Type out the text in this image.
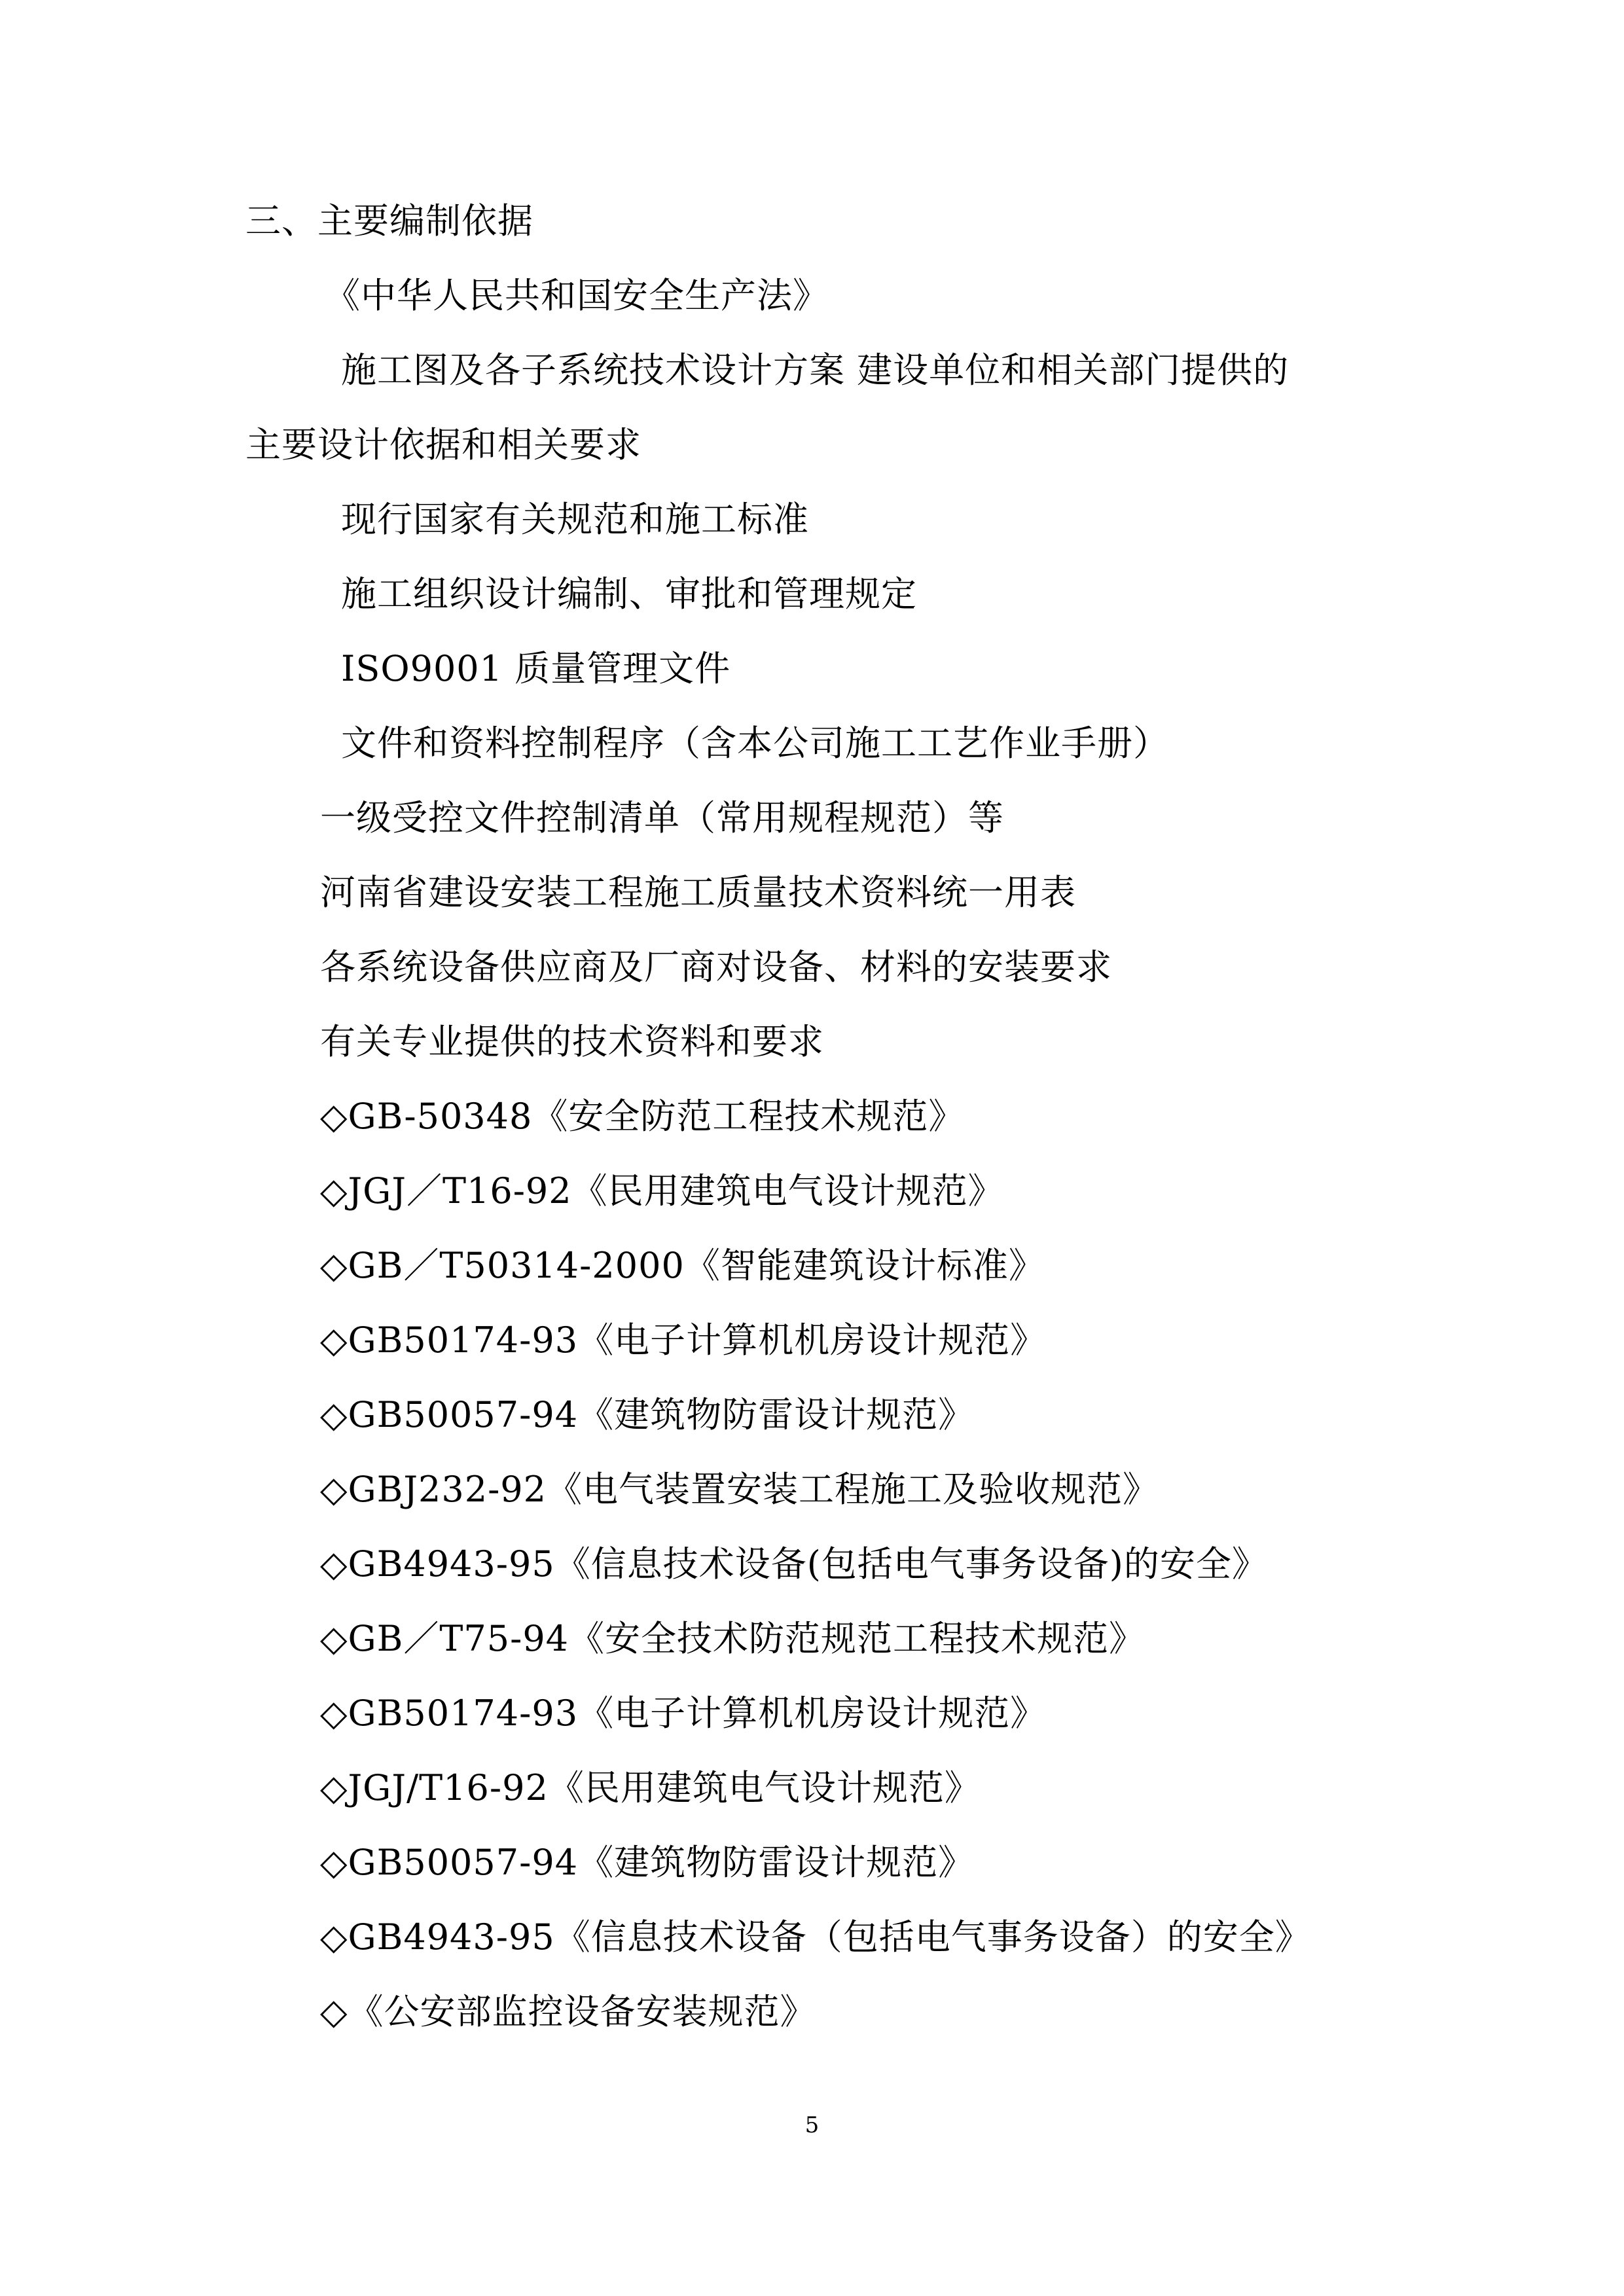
三、主要编制依据
《中华人民共和国安全生产法》
施工图及各子系统技术设计方案 建设单位和相关部门提供的
主要设计依据和相关要求
现行国家有关规范和施工标准
施工组织设计编制、审批和管理规定
ISO9001 质量管理文件
文件和资料控制程序（含本公司施工工艺作业手册）
一级受控文件控制清单（常用规程规范）等
河南省建设安装工程施工质量技术资料统一用表
各系统设备供应商及厂商对设备、材料的安装要求
有关专业提供的技术资料和要求
◇GB-50348《安全防范工程技术规范》
◇JGJ／T16-92《民用建筑电气设计规范》
◇GB／T50314-2000《智能建筑设计标准》
◇GB50174-93《电子计算机机房设计规范》
◇GB50057-94《建筑物防雷设计规范》
◇GBJ232-92《电气装置安装工程施工及验收规范》
◇GB4943-95《信息技术设备(包括电气事务设备)的安全》
◇GB／T75-94《安全技术防范规范工程技术规范》
◇GB50174-93《电子计算机机房设计规范》
◇JGJ/T16-92《民用建筑电气设计规范》
◇GB50057-94《建筑物防雷设计规范》
◇GB4943-95《信息技术设备（包括电气事务设备）的安全》
◇《公安部监控设备安装规范》
5
